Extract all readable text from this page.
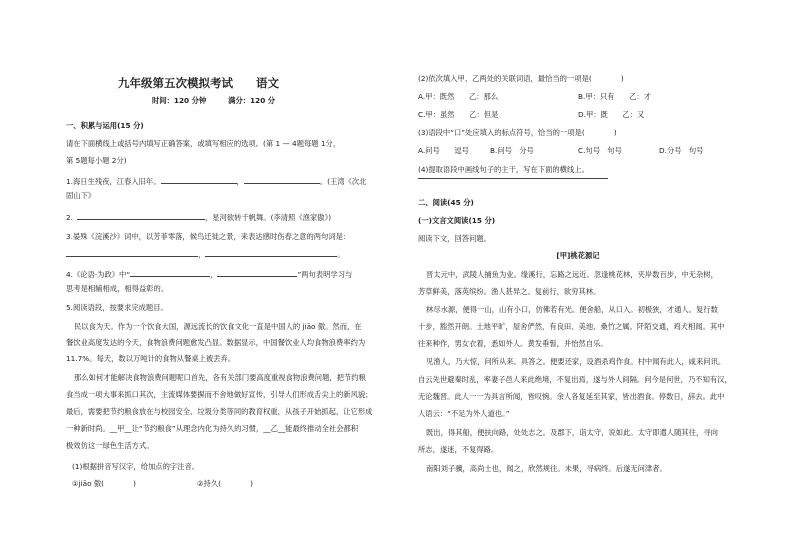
九年级第五次模拟考试　　语文
时间：120 分钟　　　满分：120 分
一、积累与运用(15 分)
请在下面横线上或括号内填写正确答案，或填写相应的选项。(第 1 — 4题每题 1分，
第 5题每小题 2分)
1.海日生残夜，江春入旧年。	，	。(王湾《次北
固山下》
2.	，星河欲转千帆舞。(李清照《渔家傲》)
3.晏殊《浣溪沙》词中，以芳菲零落，候鸟迁徙之景，来表达感时伤春之意的两句词是：
，	。
4.《论语·为政》中“	，	”两句表明学习与
思考是相辅相成，相得益彰的。
5.阅读语段，按要求完成题目。
民以食为天。作为一个饮食大国，源远流长的饮食文化一直是中国人的 jiāo 傲。然而，在
餐饮业高度发达的今天，食物浪费问题愈发凸显。数据显示，中国餐饮业人均食物浪费率约为
11.7%。每天，数以万吨计的食物从餐桌上被丢弃。
那么如何才能解决食物浪费问题呢口首先，各有关部门要高度重视食物浪费问题，把节约粮
食当成一项大事来抓口其次，主流媒体要摒而不舍地做好宣传，引导人们形成舌尖上的新风貌；
最后，需要把节约粮食放在与校园安全、垃圾分类等同的教育权重，从孩子开始抓起，让它形成
一种新时尚。__甲__让“节约粮食”从理念内化为持久的习惯，__乙__能最终推动全社会都积
极效仿这一绿色生活方式。
(1)根据拼音写汉字，给加点的字注音。
①jiāo 傲(　　　　)	②持久(　　　　)
(2)依次填入甲、乙两处的关联词语，最恰当的一项是(　　　　)
A.甲：既然　　乙：那么	B.甲：只有　　乙：才
C.甲：虽然　　乙：但是	D.甲：既　　乙：又
(3)语段中“口”处应填入的标点符号，恰当的一项是(　　　　)
A.问号　　逗号	B.问号　分号	C.句号　句号	D.分号　句号
(4)提取语段中画线句子的主干，写在下面的横线上。
二、阅读(45 分)
(一)文言文阅读(15 分)
阅读下文，回答问题。
[甲]桃花源记
晋太元中，武陵人捕鱼为业。缘溪行，忘路之远近。忽逢桃花林，夹岸数百步，中无杂树，
芳草鲜美，落英缤纷。渔人甚异之。复前行，欲穷其林。
林尽水源，便得一山，山有小口，仿佛若有光。便舍船，从口入。初极狭，才通人。复行数
十步，豁然开朗。土地平旷，屋舍俨然，有良田、美池、桑竹之属。阡陌交通，鸡犬相闻。其中
往来种作，男女衣着，悉如外人。黄发垂髫，并怡然自乐。
见渔人，乃大惊，问所从来。具答之。便要还家，设酒杀鸡作食。村中闻有此人，咸来问讯。
自云先世避秦时乱，率妻子邑人来此绝境，不复出焉，遂与外人间隔。问今是何世，乃不知有汉，
无论魏晋。此人一一为具言所闻，皆叹惋。余人各复延至其家，皆出酒食。停数日，辞去。此中
人语云：“不足为外人道也。”
既出，得其船，便扶向路，处处志之。及郡下，诣太守，说如此。太守即遣人随其往，寻向
所志，遂迷，不复得路。
南阳刘子骥，高尚士也，闻之，欣然规往。未果，寻病终。后遂无问津者。
